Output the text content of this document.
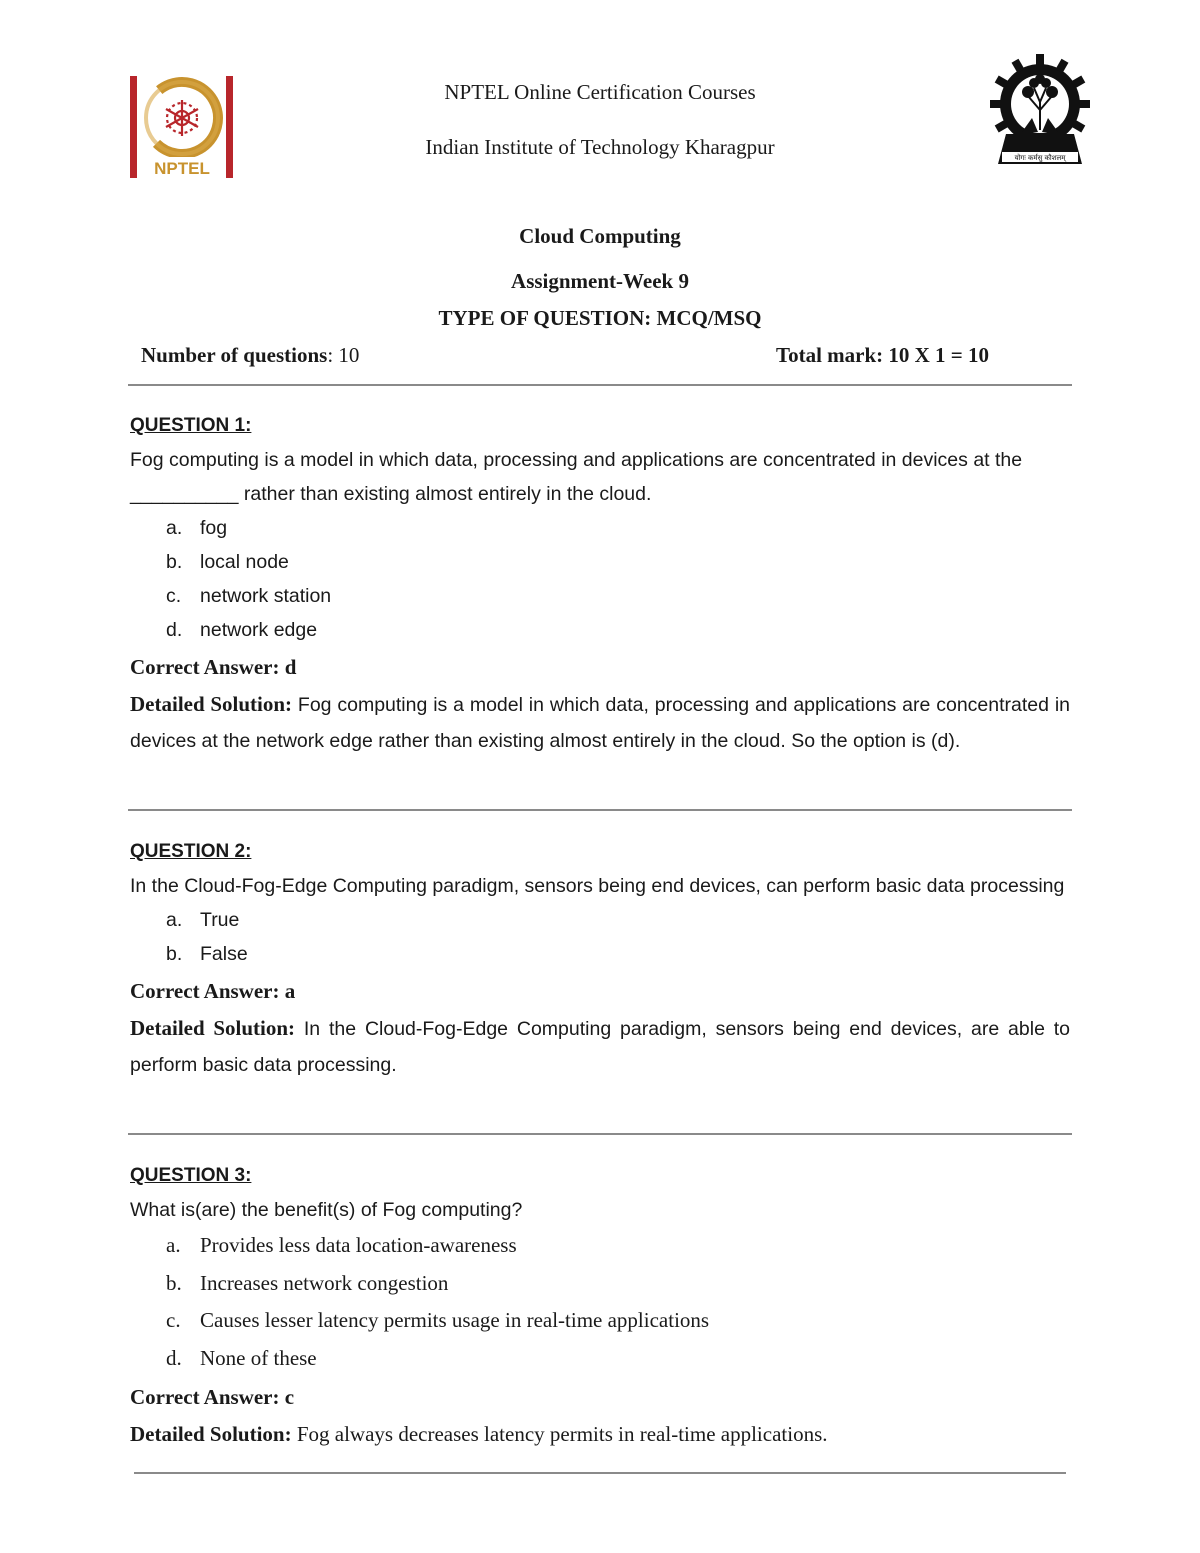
NPTEL
योगः कर्मसु कौशलम्
NPTEL Online Certification Courses
Indian Institute of Technology Kharagpur
Cloud Computing
Assignment-Week 9
TYPE OF QUESTION: MCQ/MSQ
Number of questions: 10	Total mark: 10 X 1 = 10
QUESTION 1:
Fog computing is a model in which data, processing and applications are concentrated in devices at the __________ rather than existing almost entirely in the cloud.
a. fog
b. local node
c. network station
d. network edge
Correct Answer: d
Detailed Solution: Fog computing is a model in which data, processing and applications are concentrated in devices at the network edge rather than existing almost entirely in the cloud. So the option is (d).
QUESTION 2:
In the Cloud-Fog-Edge Computing paradigm, sensors being end devices, can perform basic data processing
a. True
b. False
Correct Answer: a
Detailed Solution: In the Cloud-Fog-Edge Computing paradigm, sensors being end devices, are able to perform basic data processing.
QUESTION 3:
What is(are) the benefit(s) of Fog computing?
a. Provides less data location-awareness
b. Increases network congestion
c. Causes lesser latency permits usage in real-time applications
d. None of these
Correct Answer: c
Detailed Solution: Fog always decreases latency permits in real-time applications.
